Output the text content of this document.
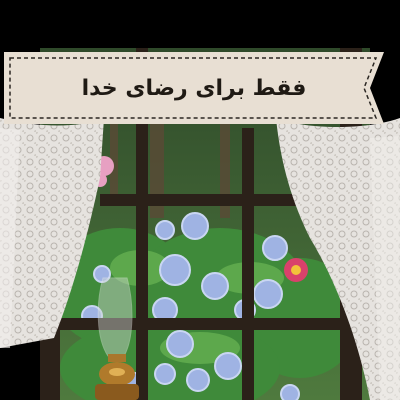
فقط برای رضای خدا
